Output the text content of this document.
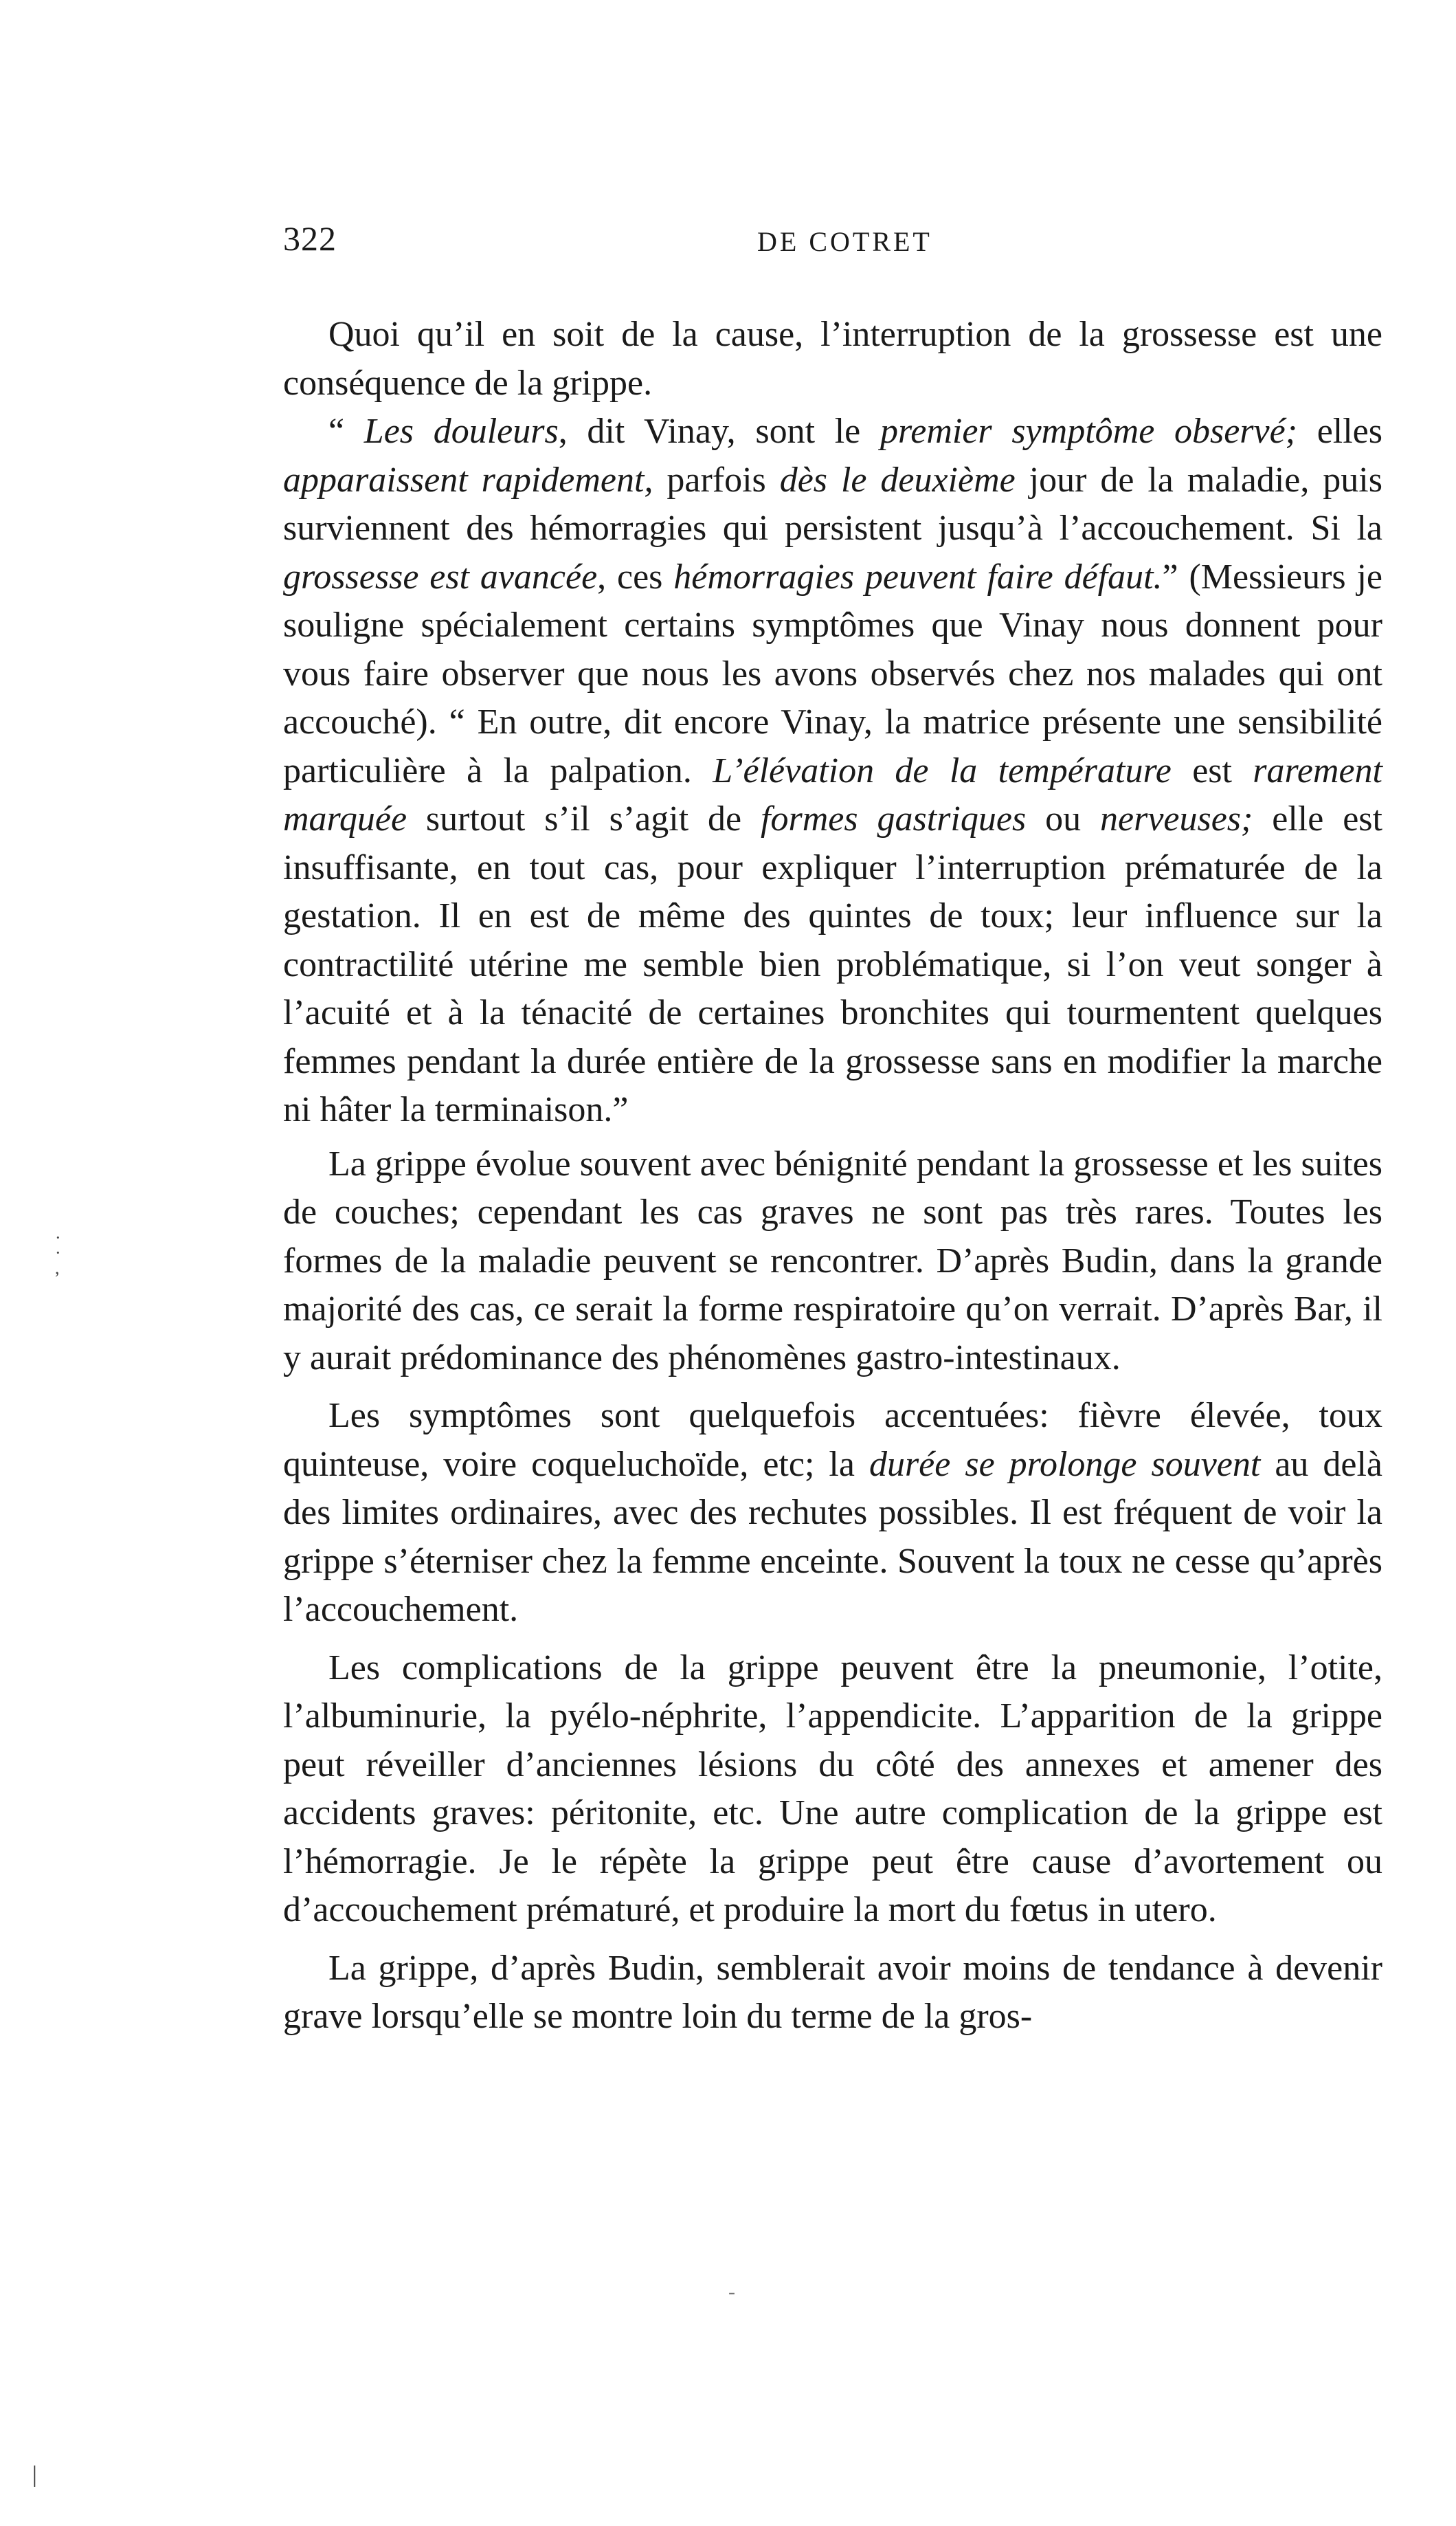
322	DE COTRET

Quoi qu’il en soit de la cause, l’interruption de la grossesse est une conséquence de la grippe.

“ Les douleurs, dit Vinay, sont le premier symptôme observé; elles apparaissent rapidement, parfois dès le deuxième jour de la maladie, puis surviennent des hémorragies qui persistent jusqu’à l’accouchement. Si la grossesse est avancée, ces hémorragies peuvent faire défaut.” (Messieurs je souligne spécialement certains symptômes que Vinay nous donnent pour vous faire observer que nous les avons observés chez nos malades qui ont accouché). “ En outre, dit encore Vinay, la matrice présente une sensibilité particulière à la palpation. L’élévation de la température est rarement marquée surtout s’il s’agit de formes gastriques ou nerveuses; elle est insuffisante, en tout cas, pour expliquer l’interruption prématurée de la gestation. Il en est de même des quintes de toux; leur influence sur la contractilité utérine me semble bien problématique, si l’on veut songer à l’acuité et à la ténacité de certaines bronchites qui tourmentent quelques femmes pendant la durée entière de la grossesse sans en modifier la marche ni hâter la terminaison.”

La grippe évolue souvent avec bénignité pendant la grossesse et les suites de couches; cependant les cas graves ne sont pas très rares. Toutes les formes de la maladie peuvent se rencontrer. D’après Budin, dans la grande majorité des cas, ce serait la forme respiratoire qu’on verrait. D’après Bar, il y aurait prédominance des phénomènes gastro-intestinaux.

Les symptômes sont quelquefois accentuées: fièvre élevée, toux quinteuse, voire coqueluchoïde, etc; la durée se prolonge souvent au delà des limites ordinaires, avec des rechutes possibles. Il est fréquent de voir la grippe s’éterniser chez la femme enceinte. Souvent la toux ne cesse qu’après l’accouchement.

Les complications de la grippe peuvent être la pneumonie, l’otite, l’albuminurie, la pyélo-néphrite, l’appendicite. L’apparition de la grippe peut réveiller d’anciennes lésions du côté des annexes et amener des accidents graves: péritonite, etc. Une autre complication de la grippe est l’hémorragie. Je le répète la grippe peut être cause d’avortement ou d’accouchement prématuré, et produire la mort du fœtus in utero.

La grippe, d’après Budin, semblerait avoir moins de tendance à devenir grave lorsqu’elle se montre loin du terme de la gros-

·
·
,
|
-
